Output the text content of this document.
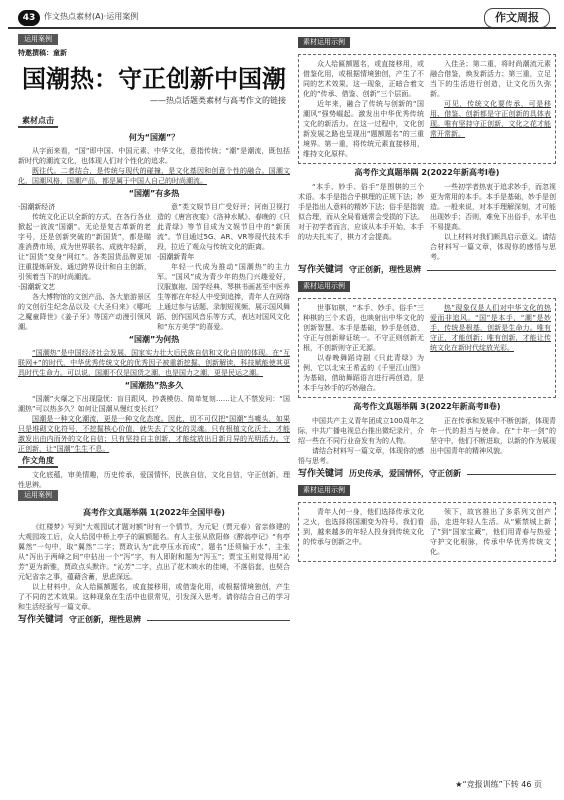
43	作文热点素材(A)·运用案例	作文周报
运用案例
特邀撰稿：童新
国潮热：守正创新中国潮
——热点话题类素材与高考作文的链接
素材点击
何为“国潮”？

从字面来看，“国”即中国、中国元素、中华文化，意指传统；“潮”是潮流，既包括新时代的潮流文化，也体现人们对个性化的追求。

既往代。二者结合，是传统与现代的碰撞，是文化基因和创意个性的融合。国潮文化，国潮风格，国潮产品，都是属于中国人自己的时尚潮流。

“国潮”有多热

·国潮新经济

传统文化正以全新的方式，在各行各业掀起一波波“国潮”。无论是复古革新的老字号，还是创新突破的“新国货”，都是瞄准消费市场，成为世界联名、成就年轻新，让“国货”变身“网红”。各类国货品牌更加注重提炼研发、通过跨界设计和自主创新，引领着当下的时尚潮流。

·国潮新文艺

各大博物馆的文创产品、各大旅游景区的文创衍生纪念品以及《大圣归来》《哪吒之魔童降世》《姜子牙》等国产动漫引领风潮。

意”类文娱节目广受好评；河南卫视打造的《唐宫夜宴》《洛神水赋》、春晚的《只此青绿》等节目成为文娱节目中的“新顶流”。节目通过5G、AR、VR等现代技术手段，拉近了观众与传统文化的距离。

·国潮新青年

年轻一代成为推动“国潮热”的主力军。“国风”成为青少年的热门兴趣爱好，汉服旗袍、国学经典、琴棋书画甚至中医养生等都在年轻人中受到追捧，青年人在网络上通过参与话题、录制短视频、展示国风舞蹈、创作国风音乐等方式，表达对国风文化和“东方美学”的喜爱。

“国潮”为何热

“国潮热”是中国经济社会发展、国家实力壮大后民族自信和文化自信的体现。在“互联网+”的时代，中华优秀传统文化的优秀因子被重新挖掘、创新解读，科技赋能使其更具时代生命力。可以说，国潮不仅是国货之潮，也是国力之潮，更是民运之潮。

“国潮热”热多久

“国潮”火爆之下出现隐忧：盲目跟风、抄袭模仿、简单复刻……让人不禁发问：“国潮热”可以热多久？如何让国潮从慢红变长红？

国潮是一种文化潮流，更是一种文化态度。因此，切不可仅把“国潮”当噱头，如果只是堆砌文化符号，不挖掘核心价值，就失去了文化的灵魂。只有根植文化沃土，才能激发出由内而外的文化自信；只有坚持自主创新，才能绽放出日新月异的光明活力。守正创新，让“国潮”生生不息。

作文角度

文化底蕴，审美情趣，历史传承，爱国情怀，民族自信，文化自信，守正创新，理性思辨。

运用案例
高考作文真题举隅 1(2022年全国甲卷)

《红楼梦》写到“大观园试才题对额”时有一个情节，为元妃（贾元春）省亲修建的大观园竣工后，众人给园中桥上亭子的匾额题名。有人主张从欧阳修《醉翁亭记》“有亭翼然”一句中，取“翼然”二字；贾政认为“此亭压水而成”，题名“还须偏于水”，主张从“泻出于两峰之间”中拈出一个“泻”字，有人即附和题为“泻玉”；贾宝玉则觉得用“沁芳”更为新雅，贾政点头默许。“沁芳”二字，点出了花木映水的佳境，不落俗套，也契合元妃省亲之事，蕴藉含蓄，思虑深远。

以上材料中，众人给匾额题名，或直接移用，或借鉴化用，或根据情境独创，产生了不同的艺术效果。这种现象在生活中也很常见，引发深入思考。请你结合自己的学习和生活经验写一篇文章。

写作关键词 守正创新，理性思辨
素材运用示例

众人给匾额题名，或直接移用，或借鉴化用，或根据情境独创，产生了不同的艺术效果。这一现象，正暗合着文化的“传承、借鉴、创新”三个层面。

近年来，融合了传统与创新的“国潮风”强势崛起。激发出中华优秀传统文化的新活力。在这一过程中，文化创新发展之路也呈现出“题额题名”的三重境界。第一重，将传统元素直接移用，维持文化原样。

入佳圣；第二重，将时尚潮流元素融合借鉴，焕发新活力；第三重，立足当下的生活进行创造，让文化历久弥新。

可见，传统文化要传承，可是移用、借鉴、创新都是守正创新的具体表现。唯有坚持守正创新，文化之花才能常开常新。

高考作文真题举隅 2(2022年新高考Ⅰ卷)

“本手、妙手、俗手”是围棋的三个术语。本手是指合乎棋理的正规下法；妙手是指出人意料的精妙下法；俗手是指貌似合理，而从全局看通常会受损的下法。对于初学者而言，应该从本手开始，本手的功夫扎实了，棋力才会提高。

一些初学者热衷于追求妙手，而忽视更为常用的本手。本手是基础，妙手是创造。一般来说，对本手理解深刻，才可能出现妙手；否则，难免下出俗手，水平也不易提高。

以上材料对我们颇具启示意义。请结合材料写一篇文章，体现你的感悟与思考。

写作关键词 守正创新，理性思辨
素材运用示例

世事如棋，“本手、妙手、俗手”三种棋的三个术语，也映射出中华文化的创新智慧。本手是基础，妙手是创造，守正与创新辩证统一。不守正则创新无根，不创新则守正无源。

以春晚舞蹈诗剧《只此青绿》为例，它以北宋王希孟的《千里江山图》为基础，借助舞蹈语言进行再创造，是本手与妙手的巧妙融合。

热”现象仅是人们对中华文化的热爱而非追风。“国”是本手，“潮”是妙手，传统是根基，创新是生命力。唯有守正，才能创新；唯有创新，才能让传统文化在新时代绽放光彩。

高考作文真题举隅 3(2022年新高考Ⅱ卷)

中国共产主义青年团成立100周年之际，中共广播电视总台推出微纪录片，介绍一些在不同行业奋发有为的人物。

请结合材料写一篇文章，体现你的感悟与思考。

正在传承和发展中不断创新，体现青年一代的担当与使命。在“十年一剑”的坚守中，他们不断进取，以新的作为展现出中国青年的精神风貌。

写作关键词 历史传承，爱国情怀，守正创新
素材运用示例

青年人何一身，他们选择传承文化之火，也选择将国潮变为符号。我们看到，越来越多的年轻人投身到传统文化的传承与创新之中。

领下，故宫推出了多系列文创产品，走进年轻人生活。从“紫禁城上新了”到“国家宝藏”，他们用青春与热爱守护文化根脉，传承中华优秀传统文化。

★“竞报训练”下转 46 页
